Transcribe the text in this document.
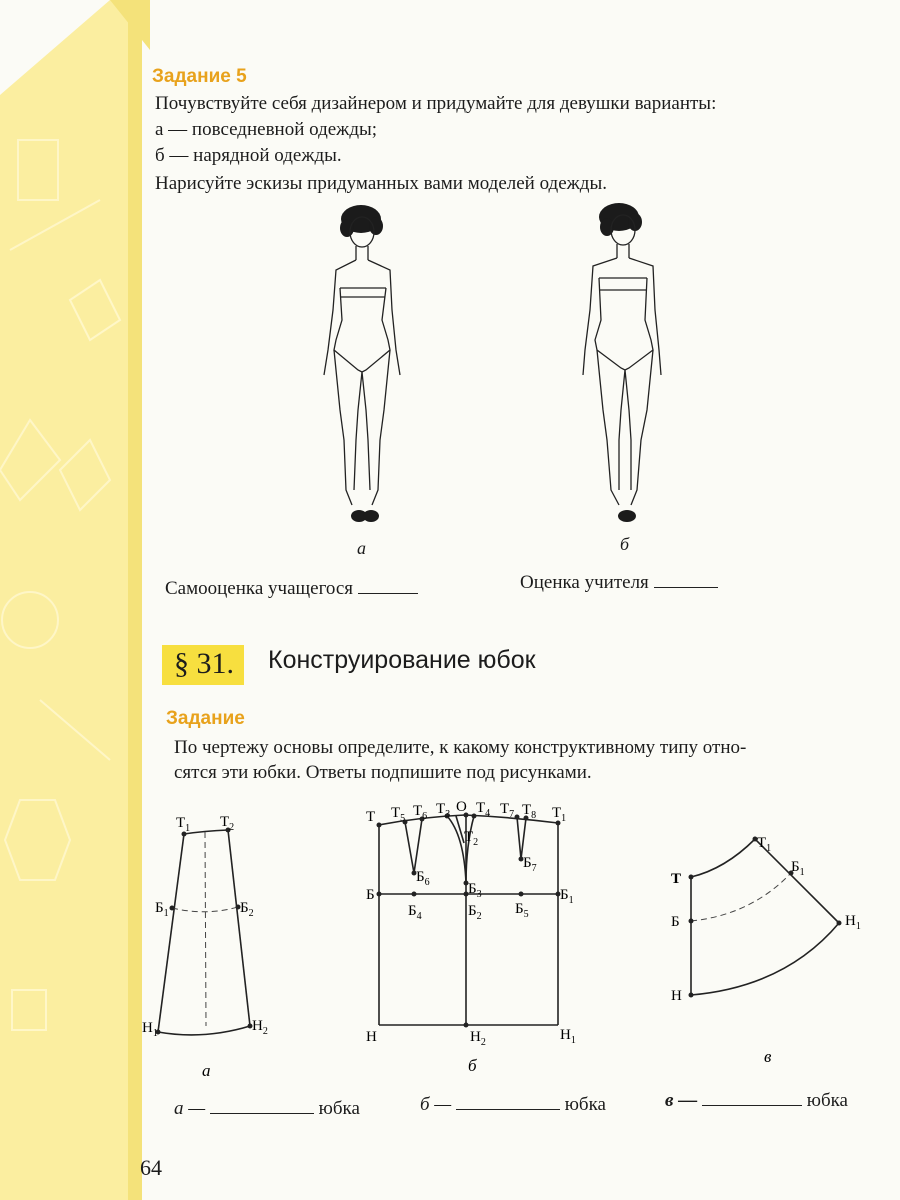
Задание 5
Почувствуйте себя дизайнером и придумайте для девушки варианты:
а — повседневной одежды;
б — нарядной одежды.
Нарисуйте эскизы придуманных вами моделей одежды.
а	б
Самооценка учащегося	Оценка учителя
§ 31. Конструирование юбок
Задание
По чертежу основы определите, к какому конструктивному типу отно-
сятся эти юбки. Ответы подпишите под рисунками.
$Т_1$ $Т_2$
$Б_1$	$Б_2$
$Н_1$	$Н_2$
а
Т $Т_5$ $Т_6$ $Т_3$ О $Т_4$ $Т_7$ $Т_8$ $Т_1$
$Т_2$
$Б_6$	$Б_3$
$Б_7$
Б
$Б_4$	$Б_2$ $Б_5$
$Б_1$
Н	$Н_2$	$Н_1$
б
Т
$Т_1$
Б
$Б_1$
Н
$Н_1$
в
а —	юбка	б —	юбка	в —	юбка
64
